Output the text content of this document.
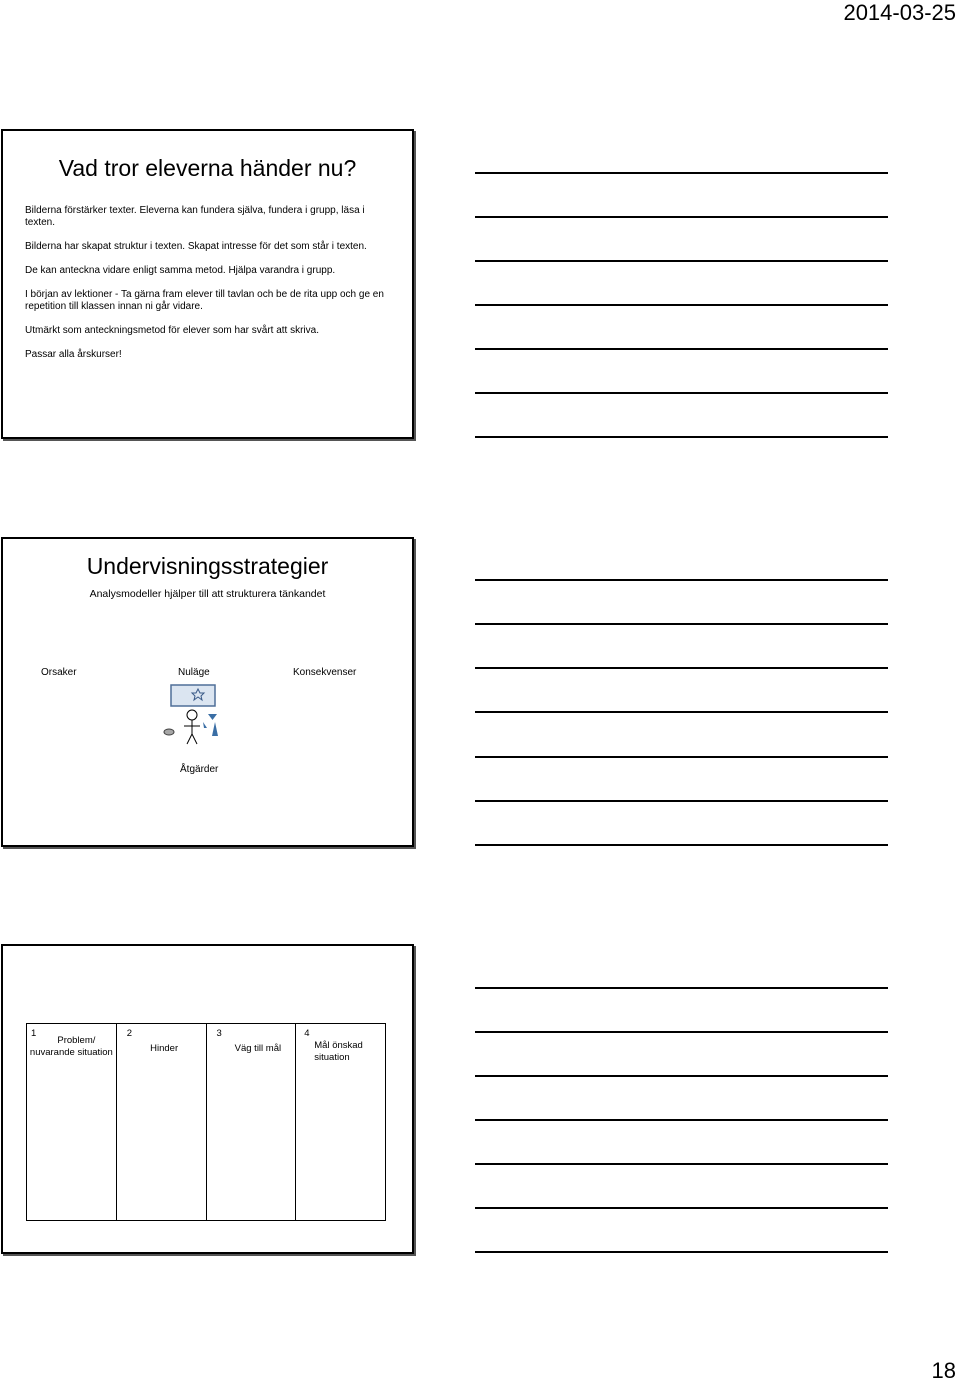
2014-03-25
Vad tror eleverna händer nu?
Bilderna förstärker texter. Eleverna kan fundera själva, fundera i grupp, läsa i texten.
Bilderna har skapat struktur i texten. Skapat intresse för det som står i texten.
De kan anteckna vidare enligt samma metod. Hjälpa varandra i grupp.
I början av lektioner - Ta gärna fram elever till tavlan och be de rita upp och ge en repetition till klassen innan ni går vidare.
Utmärkt som anteckningsmetod för elever som har svårt att skriva.
Passar alla årskurser!
Undervisningsstrategier
Analysmodeller hjälper till att strukturera tänkandet
Orsaker	Nuläge	Konsekvenser
Åtgärder
1
Problem/
nuvarande situation
2
Hinder
3
Väg till mål
4
Mål önskad
situation
18
